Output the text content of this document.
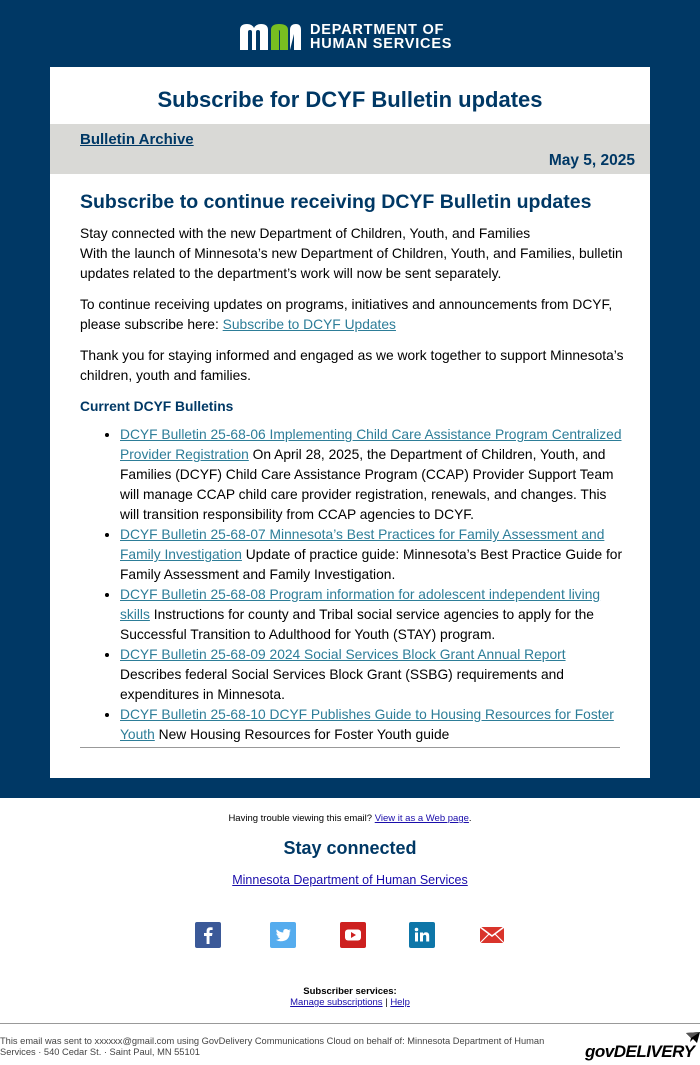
DEPARTMENT OF
HUMAN SERVICES
Subscribe for DCYF Bulletin updates
Bulletin Archive
May 5, 2025
Subscribe to continue receiving DCYF Bulletin updates

Stay connected with the new Department of Children, Youth, and Families
With the launch of Minnesota’s new Department of Children, Youth, and Families, bulletin updates related to the department’s work will now be sent separately.

To continue receiving updates on programs, initiatives and announcements from DCYF, please subscribe here: Subscribe to DCYF Updates

Thank you for staying informed and engaged as we work together to support Minnesota’s children, youth and families.

Current DCYF Bulletins
• DCYF Bulletin 25-68-06 Implementing Child Care Assistance Program Centralized Provider Registration On April 28, 2025, the Department of Children, Youth, and Families (DCYF) Child Care Assistance Program (CCAP) Provider Support Team will manage CCAP child care provider registration, renewals, and changes. This will transition responsibility from CCAP agencies to DCYF.
• DCYF Bulletin 25-68-07 Minnesota’s Best Practices for Family Assessment and Family Investigation Update of practice guide: Minnesota’s Best Practice Guide for Family Assessment and Family Investigation.
• DCYF Bulletin 25-68-08 Program information for adolescent independent living skills Instructions for county and Tribal social service agencies to apply for the Successful Transition to Adulthood for Youth (STAY) program.
• DCYF Bulletin 25-68-09 2024 Social Services Block Grant Annual Report Describes federal Social Services Block Grant (SSBG) requirements and expenditures in Minnesota.
• DCYF Bulletin 25-68-10 DCYF Publishes Guide to Housing Resources for Foster Youth New Housing Resources for Foster Youth guide
Having trouble viewing this email? View it as a Web page.
Stay connected
Minnesota Department of Human Services
Subscriber services:
Manage subscriptions | Help
This email was sent to xxxxxx@gmail.com using GovDelivery Communications Cloud on behalf of: Minnesota Department of Human Services · 540 Cedar St. · Saint Paul, MN 55101	govDELIVERY
